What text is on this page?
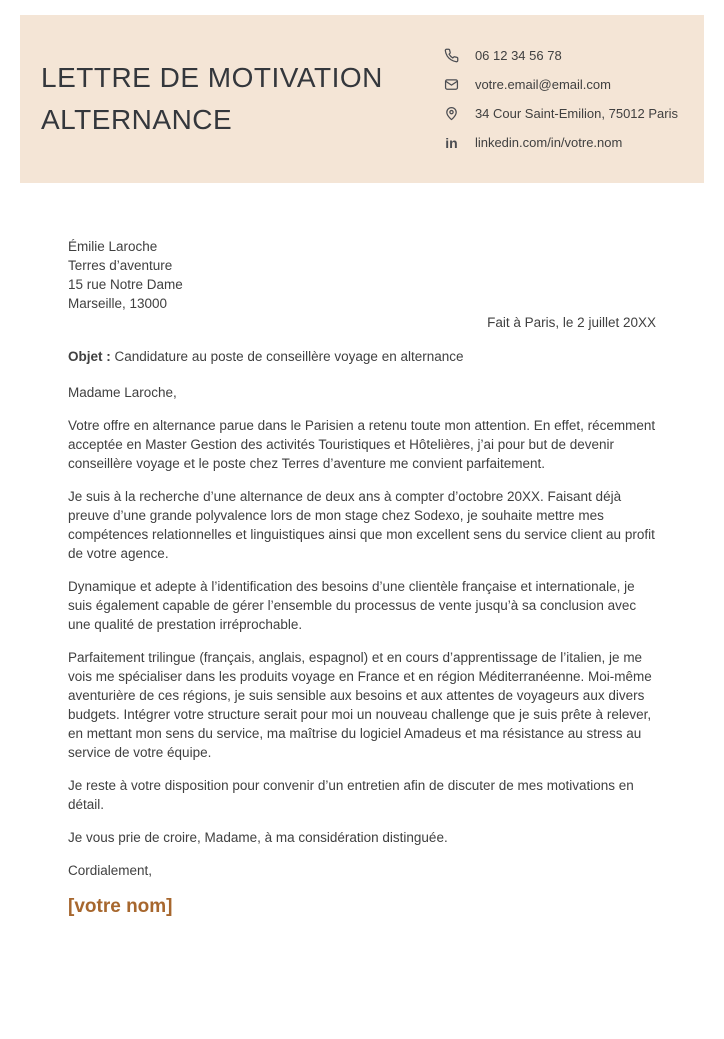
LETTRE DE MOTIVATION
ALTERNANCE
06 12 34 56 78
votre.email@email.com
34 Cour Saint-Emilion, 75012 Paris
in linkedin.com/in/votre.nom
Émilie Laroche
Terres d’aventure
15 rue Notre Dame
Marseille, 13000
Fait à Paris, le 2 juillet 20XX
Objet : Candidature au poste de conseillère voyage en alternance
Madame Laroche,

Votre offre en alternance parue dans le Parisien a retenu toute mon attention. En effet, récemment acceptée en Master Gestion des activités Touristiques et Hôtelières, j’ai pour but de devenir conseillère voyage et le poste chez Terres d’aventure me convient parfaitement.

Je suis à la recherche d’une alternance de deux ans à compter d’octobre 20XX. Faisant déjà preuve d’une grande polyvalence lors de mon stage chez Sodexo, je souhaite mettre mes compétences relationnelles et linguistiques ainsi que mon excellent sens du service client au profit de votre agence.

Dynamique et adepte à l’identification des besoins d’une clientèle française et internationale, je suis également capable de gérer l’ensemble du processus de vente jusqu’à sa conclusion avec une qualité de prestation irréprochable.

Parfaitement trilingue (français, anglais, espagnol) et en cours d’apprentissage de l’italien, je me vois me spécialiser dans les produits voyage en France et en région Méditerranéenne. Moi-même aventurière de ces régions, je suis sensible aux besoins et aux attentes de voyageurs aux divers budgets. Intégrer votre structure serait pour moi un nouveau challenge que je suis prête à relever, en mettant mon sens du service, ma maîtrise du logiciel Amadeus et ma résistance au stress au service de votre équipe.

Je reste à votre disposition pour convenir d’un entretien afin de discuter de mes motivations en détail.

Je vous prie de croire, Madame, à ma considération distinguée.

Cordialement,
[votre nom]
